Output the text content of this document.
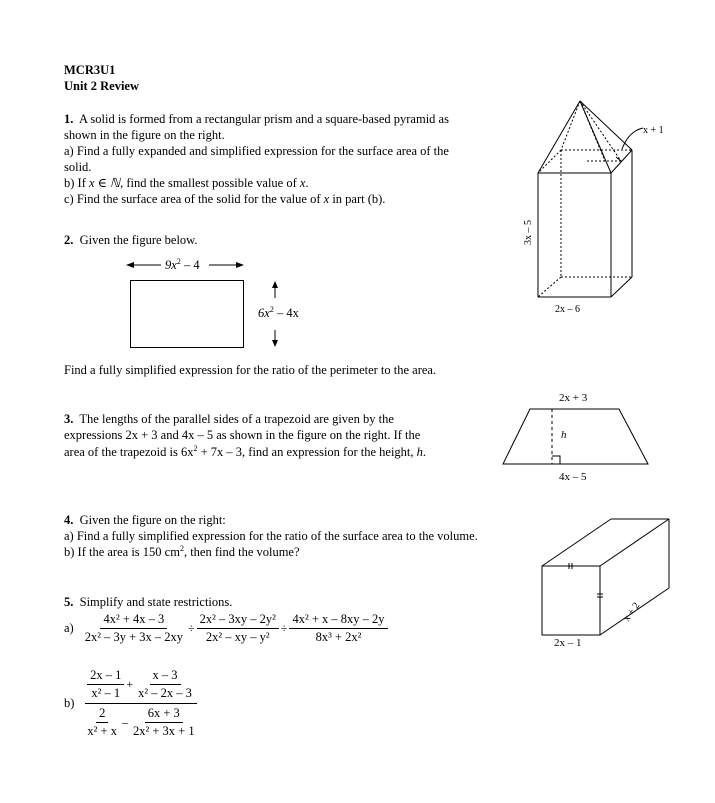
MCR3U1
Unit 2 Review
1. A solid is formed from a rectangular prism and a square-based pyramid as
shown in the figure on the right.
a) Find a fully expanded and simplified expression for the surface area of the
solid.
b) If x ∈ ℕ, find the smallest possible value of x.
c) Find the surface area of the solid for the value of x in part (b).
x + 1
3x – 5
2x – 6
2. Given the figure below.
$9x^2 - 4$
$6x^2 - 4x$
Find a fully simplified expression for the ratio of the perimeter to the area.
3. The lengths of the parallel sides of a trapezoid are given by the
expressions 2x + 3 and 4x – 5 as shown in the figure on the right. If the
area of the trapezoid is $6x^2 + 7x - 3$, find an expression for the height, h.
2x + 3
h
4x – 5
4. Given the figure on the right:
a) Find a fully simplified expression for the ratio of the surface area to the volume.
b) If the area is 150 $cm^2$, then find the volume?
2x – 1
x + 2
5. Simplify and state restrictions.
$a) \frac{\text{4x² + 4x – 3}}{\text{2x² – 3y + 3x – 2xy}} \div \frac{\text{2x² – 3xy – 2y²}}{\text{2x² – xy – y²}} \div \frac{\text{4x² + x – 8xy – 2y}}{\text{8x³ + 2x²}}$
b)
$\frac{2x - 1}{\text{x² – 1}} + \frac{x - 3}{\text{x² – 2x – 3}}$
$\frac{2}{\text{x² + x}} - \frac{6x + 3}{\text{2x² + 3x + 1}}$
